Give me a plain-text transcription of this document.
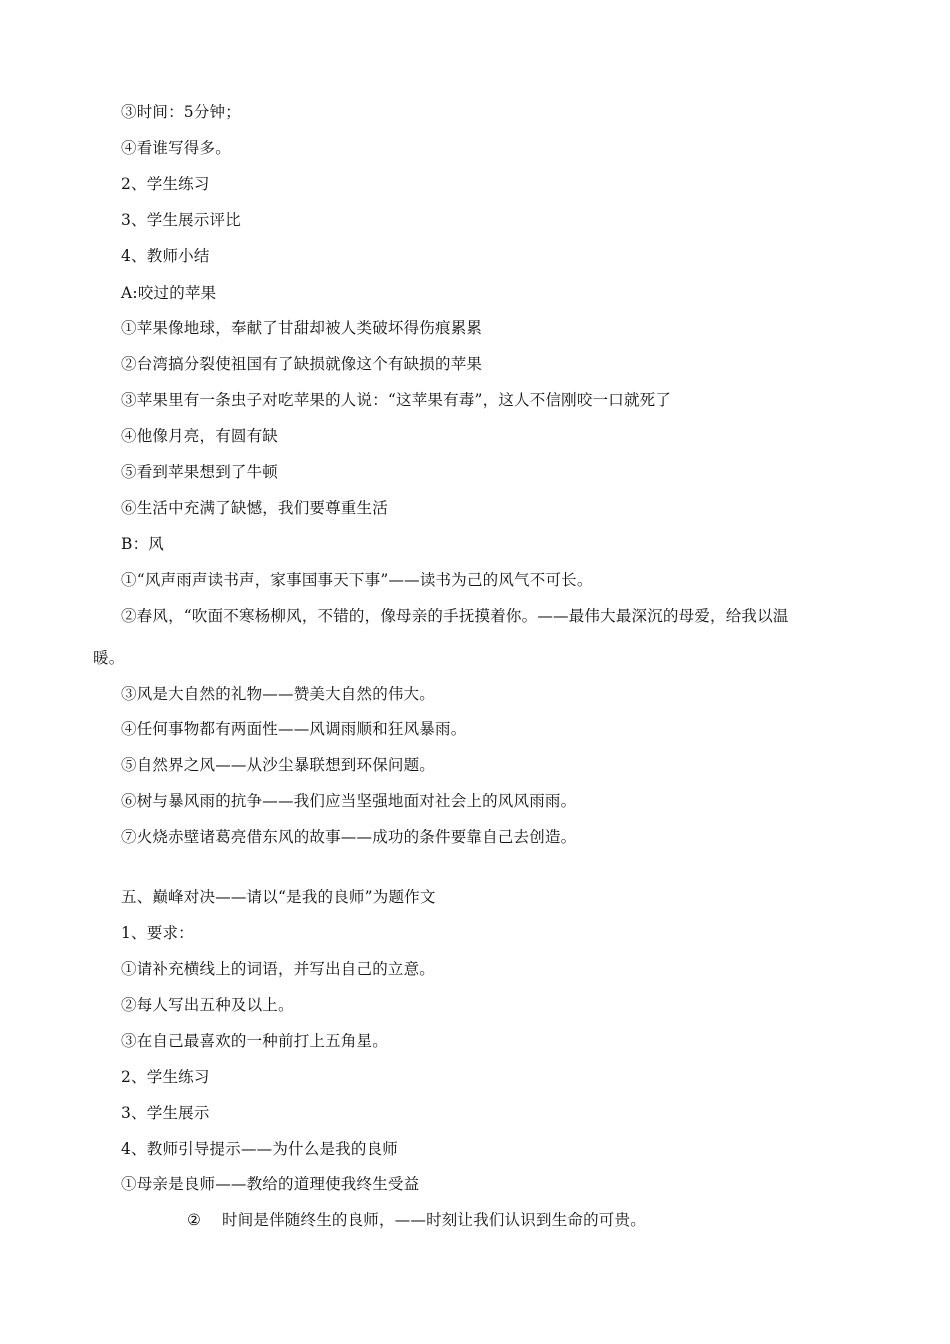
③时间：5分钟；
④看谁写得多。
2、学生练习
3、学生展示评比
4、教师小结
A:咬过的苹果
①苹果像地球，奉献了甘甜却被人类破坏得伤痕累累
②台湾搞分裂使祖国有了缺损就像这个有缺损的苹果
③苹果里有一条虫子对吃苹果的人说：“这苹果有毒”，这人不信刚咬一口就死了
④他像月亮，有圆有缺
⑤看到苹果想到了牛顿
⑥生活中充满了缺憾，我们要尊重生活
B：风
①“风声雨声读书声，家事国事天下事”——读书为己的风气不可长。
②春风，“吹面不寒杨柳风，不错的，像母亲的手抚摸着你。——最伟大最深沉的母爱，给我以温
暖。
③风是大自然的礼物——赞美大自然的伟大。
④任何事物都有两面性——风调雨顺和狂风暴雨。
⑤自然界之风——从沙尘暴联想到环保问题。
⑥树与暴风雨的抗争——我们应当坚强地面对社会上的风风雨雨。
⑦火烧赤壁诸葛亮借东风的故事——成功的条件要靠自己去创造。
五、巅峰对决——请以“是我的良师”为题作文
1、要求：
①请补充横线上的词语，并写出自己的立意。
②每人写出五种及以上。
③在自己最喜欢的一种前打上五角星。
2、学生练习
3、学生展示
4、教师引导提示——为什么是我的良师
①母亲是良师——教给的道理使我终生受益
② 时间是伴随终生的良师，——时刻让我们认识到生命的可贵。
